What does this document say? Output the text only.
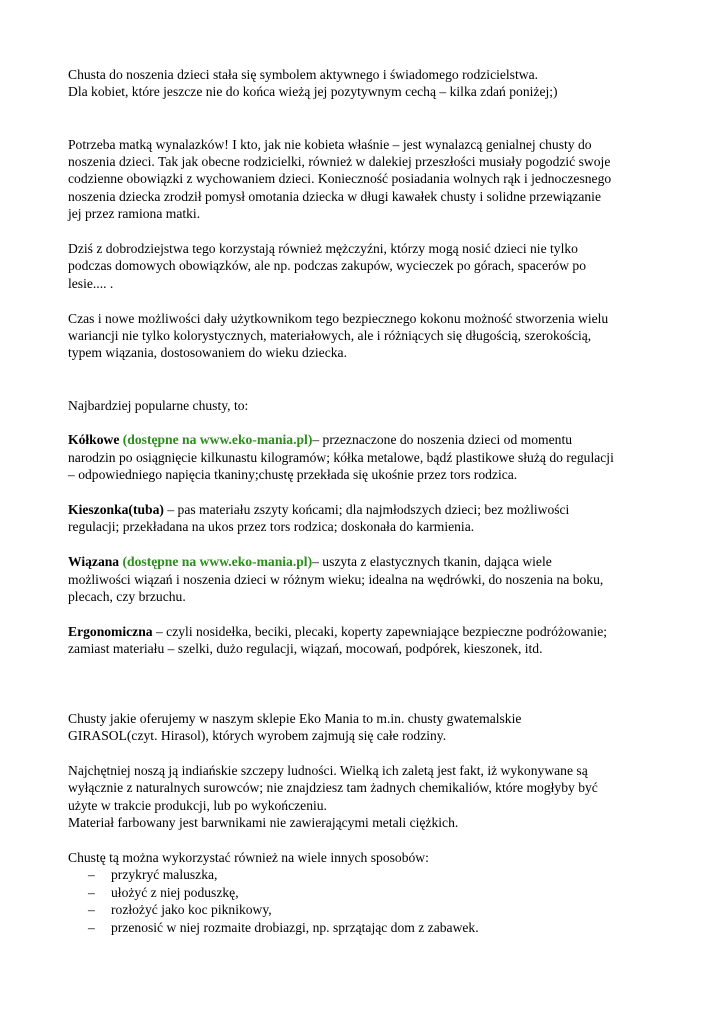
Chusta do noszenia dzieci stała się symbolem aktywnego i świadomego rodzicielstwa.
Dla kobiet, które jeszcze nie do końca wieżą jej pozytywnym cechą – kilka zdań poniżej;)
Potrzeba matką wynalazków! I kto, jak nie kobieta właśnie – jest wynalazcą genialnej chusty do
noszenia dzieci. Tak jak obecne rodzicielki, również w dalekiej przeszłości musiały pogodzić swoje
codzienne obowiązki z wychowaniem dzieci. Konieczność posiadania wolnych rąk i jednoczesnego
noszenia dziecka zrodził pomysł omotania dziecka w długi kawałek chusty i solidne przewiązanie
jej przez ramiona matki.
Dziś z dobrodziejstwa tego korzystają również mężczyźni, którzy mogą nosić dzieci nie tylko
podczas domowych obowiązków, ale np. podczas zakupów, wycieczek po górach, spacerów po
lesie.... .
Czas i nowe możliwości dały użytkownikom tego bezpiecznego kokonu możność stworzenia wielu
wariancji nie tylko kolorystycznych, materiałowych, ale i różniących się długością, szerokością,
typem wiązania, dostosowaniem do wieku dziecka.
Najbardziej popularne chusty, to:
Kółkowe (dostępne na www.eko-mania.pl)– przeznaczone do noszenia dzieci od momentu
narodzin po osiągnięcie kilkunastu kilogramów; kółka metalowe, bądź plastikowe służą do regulacji
– odpowiedniego napięcia tkaniny;chustę przekłada się ukośnie przez tors rodzica.
Kieszonka(tuba) – pas materiału zszyty końcami; dla najmłodszych dzieci; bez możliwości
regulacji; przekładana na ukos przez tors rodzica; doskonała do karmienia.
Wiązana (dostępne na www.eko-mania.pl)– uszyta z elastycznych tkanin, dająca wiele
możliwości wiązań i noszenia dzieci w różnym wieku; idealna na wędrówki, do noszenia na boku,
plecach, czy brzuchu.
Ergonomiczna – czyli nosidełka, beciki, plecaki, koperty zapewniające bezpieczne podróżowanie;
zamiast materiału – szelki, dużo regulacji, wiązań, mocowań, podpórek, kieszonek, itd.
Chusty jakie oferujemy w naszym sklepie Eko Mania to m.in. chusty gwatemalskie
GIRASOL(czyt. Hirasol), których wyrobem zajmują się całe rodziny.
Najchętniej noszą ją indiańskie szczepy ludności. Wielką ich zaletą jest fakt, iż wykonywane są
wyłącznie z naturalnych surowców; nie znajdziesz tam żadnych chemikaliów, które mogłyby być
użyte w trakcie produkcji, lub po wykończeniu.
Materiał farbowany jest barwnikami nie zawierającymi metali ciężkich.
Chustę tą można wykorzystać również na wiele innych sposobów:
–	przykryć maluszka,
–	ułożyć z niej poduszkę,
–	rozłożyć jako koc piknikowy,
–	przenosić w niej rozmaite drobiazgi, np. sprzątając dom z zabawek.
